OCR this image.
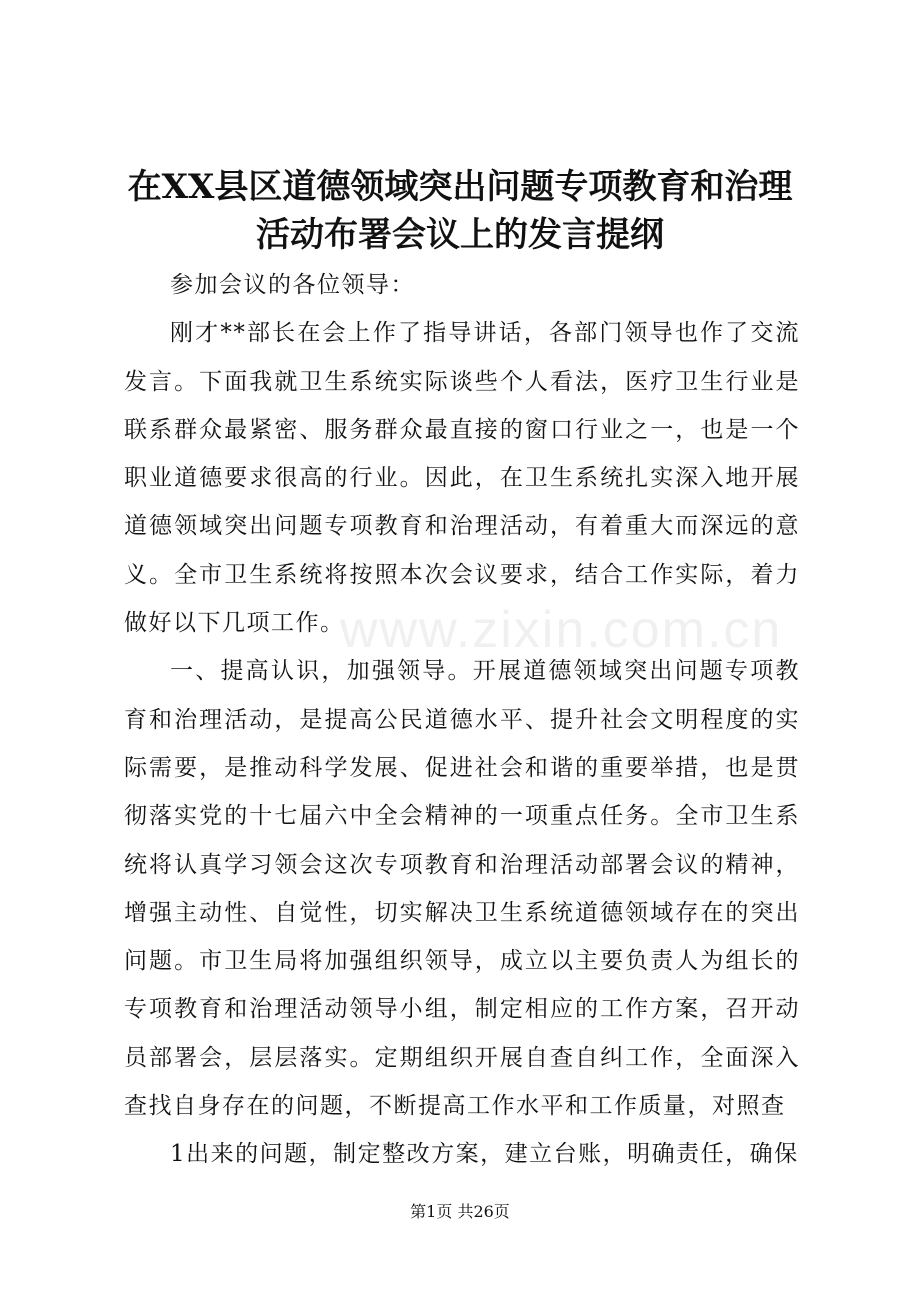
www.zixin.com.cn
在XX县区道德领域突出问题专项教育和治理
活动布署会议上的发言提纲

参加会议的各位领导：

刚才**部长在会上作了指导讲话，各部门领导也作了交流发言。下面我就卫生系统实际谈些个人看法，医疗卫生行业是联系群众最紧密、服务群众最直接的窗口行业之一，也是一个职业道德要求很高的行业。因此，在卫生系统扎实深入地开展道德领域突出问题专项教育和治理活动，有着重大而深远的意义。全市卫生系统将按照本次会议要求，结合工作实际，着力做好以下几项工作。

一、提高认识，加强领导。开展道德领域突出问题专项教育和治理活动，是提高公民道德水平、提升社会文明程度的实际需要，是推动科学发展、促进社会和谐的重要举措，也是贯彻落实党的十七届六中全会精神的一项重点任务。全市卫生系统将认真学习领会这次专项教育和治理活动部署会议的精神，增强主动性、自觉性，切实解决卫生系统道德领域存在的突出问题。市卫生局将加强组织领导，成立以主要负责人为组长的专项教育和治理活动领导小组，制定相应的工作方案，召开动员部署会，层层落实。定期组织开展自查自纠工作，全面深入查找自身存在的问题，不断提高工作水平和工作质量，对照查

1出来的问题，制定整改方案，建立台账，明确责任，确保

第1页 共26页
